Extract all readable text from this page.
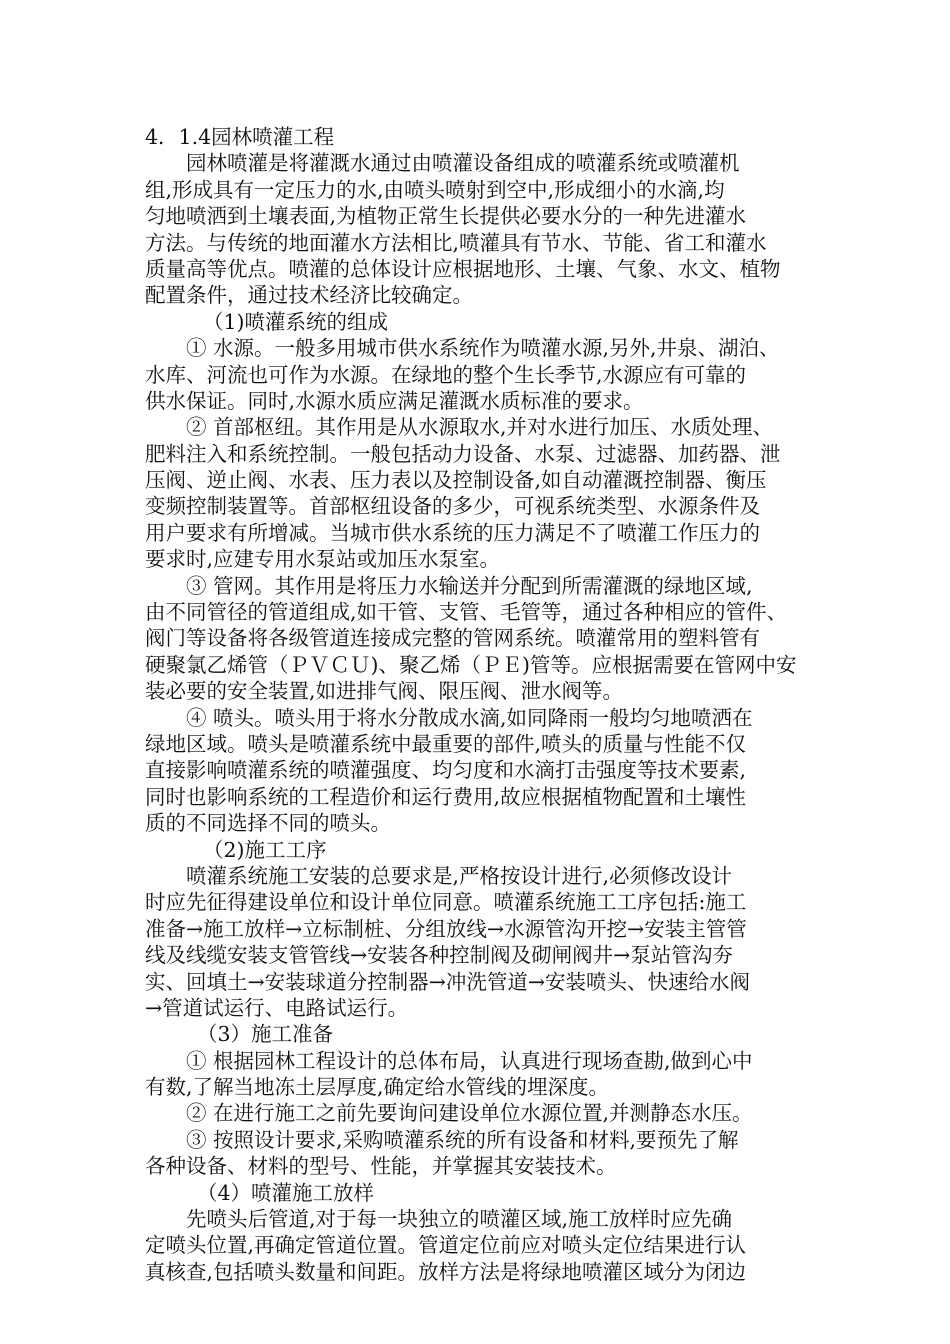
4．1.4园林喷灌工程
园林喷灌是将灌溉水通过由喷灌设备组成的喷灌系统或喷灌机
组,形成具有一定压力的水,由喷头喷射到空中,形成细小的水滴,均
匀地喷洒到土壤表面,为植物正常生长提供必要水分的一种先进灌水
方法。与传统的地面灌水方法相比,喷灌具有节水、节能、省工和灌水
质量高等优点。喷灌的总体设计应根据地形、土壤、气象、水文、植物
配置条件，通过技术经济比较确定。
（1)喷灌系统的组成
① 水源。一般多用城市供水系统作为喷灌水源,另外,井泉、湖泊、
水库、河流也可作为水源。在绿地的整个生长季节,水源应有可靠的
供水保证。同时,水源水质应满足灌溉水质标准的要求。
② 首部枢纽。其作用是从水源取水,并对水进行加压、水质处理、
肥料注入和系统控制。一般包括动力设备、水泵、过滤器、加药器、泄
压阀、逆止阀、水表、压力表以及控制设备,如自动灌溉控制器、衡压
变频控制装置等。首部枢纽设备的多少，可视系统类型、水源条件及
用户要求有所增减。当城市供水系统的压力满足不了喷灌工作压力的
要求时,应建专用水泵站或加压水泵室。
③ 管网。其作用是将压力水输送并分配到所需灌溉的绿地区域,
由不同管径的管道组成,如干管、支管、毛管等，通过各种相应的管件、
阀门等设备将各级管道连接成完整的管网系统。喷灌常用的塑料管有
硬聚氯乙烯管（ＰＶＣＵ)、聚乙烯（ＰＥ)管等。应根据需要在管网中安
装必要的安全装置,如进排气阀、限压阀、泄水阀等。
④ 喷头。喷头用于将水分散成水滴,如同降雨一般均匀地喷洒在
绿地区域。喷头是喷灌系统中最重要的部件,喷头的质量与性能不仅
直接影响喷灌系统的喷灌强度、均匀度和水滴打击强度等技术要素,
同时也影响系统的工程造价和运行费用,故应根据植物配置和土壤性
质的不同选择不同的喷头。
（2)施工工序
喷灌系统施工安装的总要求是,严格按设计进行,必须修改设计
时应先征得建设单位和设计单位同意。喷灌系统施工工序包括:施工
准备→施工放样→立标制桩、分组放线→水源管沟开挖→安装主管管
线及线缆安装支管管线→安装各种控制阀及砌闸阀井→泵站管沟夯
实、回填土→安装球道分控制器→冲洗管道→安装喷头、快速给水阀
→管道试运行、电路试运行。
（3）施工准备
① 根据园林工程设计的总体布局，认真进行现场查勘,做到心中
有数,了解当地冻土层厚度,确定给水管线的埋深度。
② 在进行施工之前先要询问建设单位水源位置,并测静态水压。
③ 按照设计要求,采购喷灌系统的所有设备和材料,要预先了解
各种设备、材料的型号、性能，并掌握其安装技术。
（4）喷灌施工放样
先喷头后管道,对于每一块独立的喷灌区域,施工放样时应先确
定喷头位置,再确定管道位置。管道定位前应对喷头定位结果进行认
真核查,包括喷头数量和间距。放样方法是将绿地喷灌区域分为闭边
